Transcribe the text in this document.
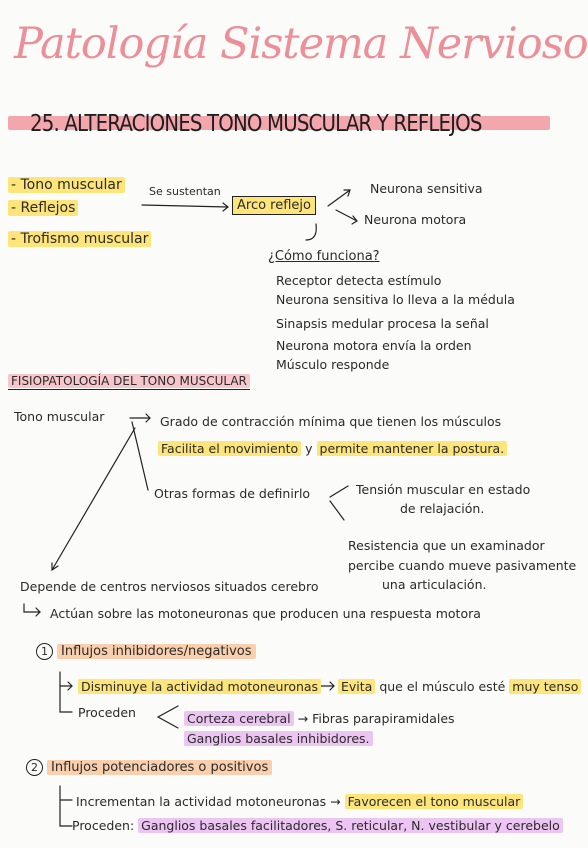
Patología Sistema Nervioso
25. ALTERACIONES TONO MUSCULAR Y REFLEJOS
- Tono muscular
- Reflejos
- Trofismo muscular
Se sustentan
Arco reflejo
Neurona sensitiva
Neurona motora
¿Cómo funciona?
Receptor detecta estímulo
Neurona sensitiva lo lleva a la médula
Sinapsis medular procesa la señal
Neurona motora envía la orden
Músculo responde
FISIOPATOLOGÍA DEL TONO MUSCULAR
Tono muscular	Grado de contracción mínima que tienen los músculos
Facilita el movimiento y permite mantener la postura.
Otras formas de definirlo	Tensión muscular en estado
de relajación.
Resistencia que un examinador
percibe cuando mueve pasivamente
una articulación.
Depende de centros nerviosos situados cerebro
Actúan sobre las motoneuronas que producen una respuesta motora
1 Influjos inhibidores/negativos
Disminuye la actividad motoneuronas Evita que el músculo esté muy tenso
Proceden	Corteza cerebral → Fibras parapiramidales
Ganglios basales inhibidores.
2 Influjos potenciadores o positivos
Incrementan la actividad motoneuronas → Favorecen el tono muscular
Proceden: Ganglios basales facilitadores, S. reticular, N. vestibular y cerebelo
